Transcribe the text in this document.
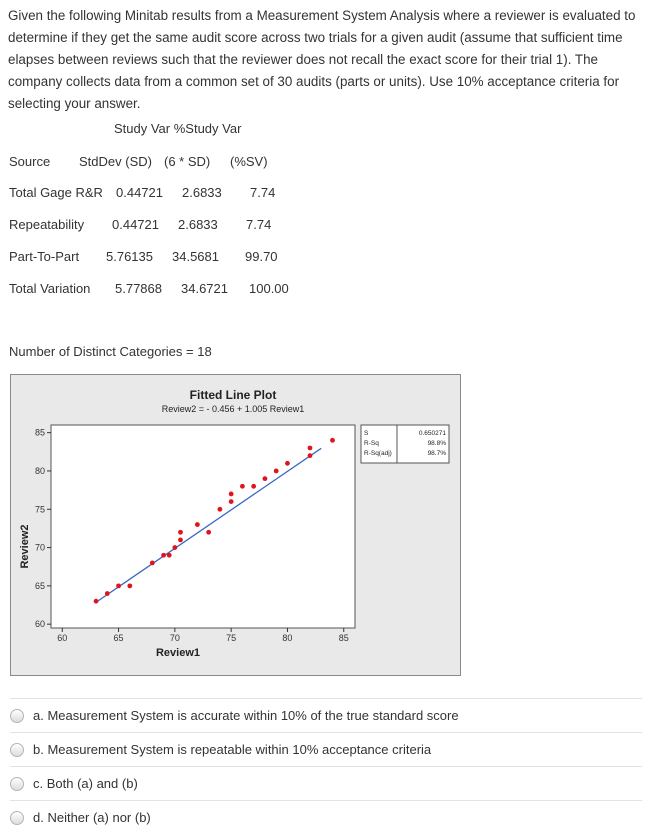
Given the following Minitab results from a Measurement System Analysis where a reviewer is evaluated to determine if they get the same audit score across two trials for a given audit (assume that sufficient time elapses between reviews such that the reviewer does not recall the exact score for their trial 1). The company collects data from a common set of 30 audits (parts or units). Use 10% acceptance criteria for selecting your answer.
Study Var %Study Var
Source StdDev (SD) (6 * SD) (%SV)
Total Gage R&R 0.44721 2.6833 7.74
Repeatability 0.44721 2.6833 7.74
Part-To-Part 5.76135 34.5681 99.70
Total Variation 5.77868 34.6721 100.00
Number of Distinct Categories = 18
Fitted Line Plot
Review2 = - 0.456 + 1.005 Review1
60	65	70	75	80	85
60
65
70
75
80
85
Review1
Review2
S	0.650271
R-Sq	98.8%
R-Sq(adj)	98.7%
a. Measurement System is accurate within 10% of the true standard score
b. Measurement System is repeatable within 10% acceptance criteria
c. Both (a) and (b)
d. Neither (a) nor (b)
